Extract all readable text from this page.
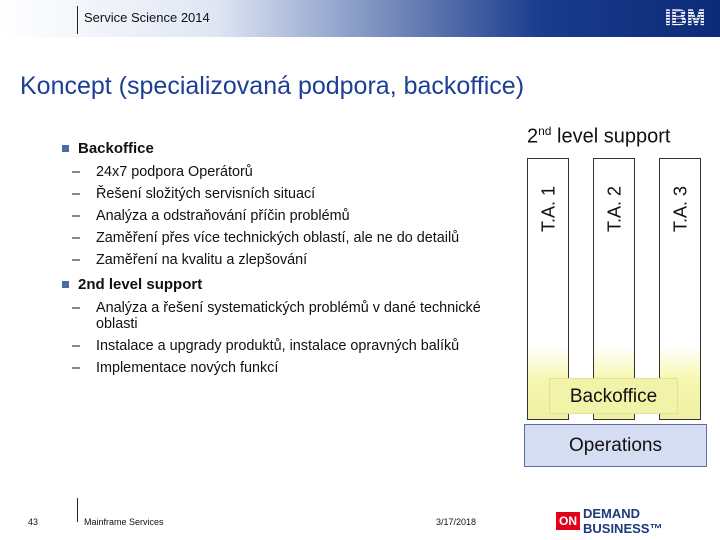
Service Science 2014	IBM
Koncept (specializovaná podpora, backoffice)
Backoffice
– 24x7 podpora Operátorů
– Řešení složitých servisních situací
– Analýza a odstraňování příčin problémů
– Zaměření přes více technických oblastí, ale ne do detailů
– Zaměření na kvalitu a zlepšování
2nd level support
– Analýza a řešení systematických problémů v dané technické oblasti
– Instalace a upgrady produktů, instalace opravných balíků
– Implementace nových funkcí
2nd level support
T.A. 1	T.A. 2	T.A. 3
Backoffice
Operations
43	Mainframe Services	3/17/2018	ON DEMAND BUSINESS™
